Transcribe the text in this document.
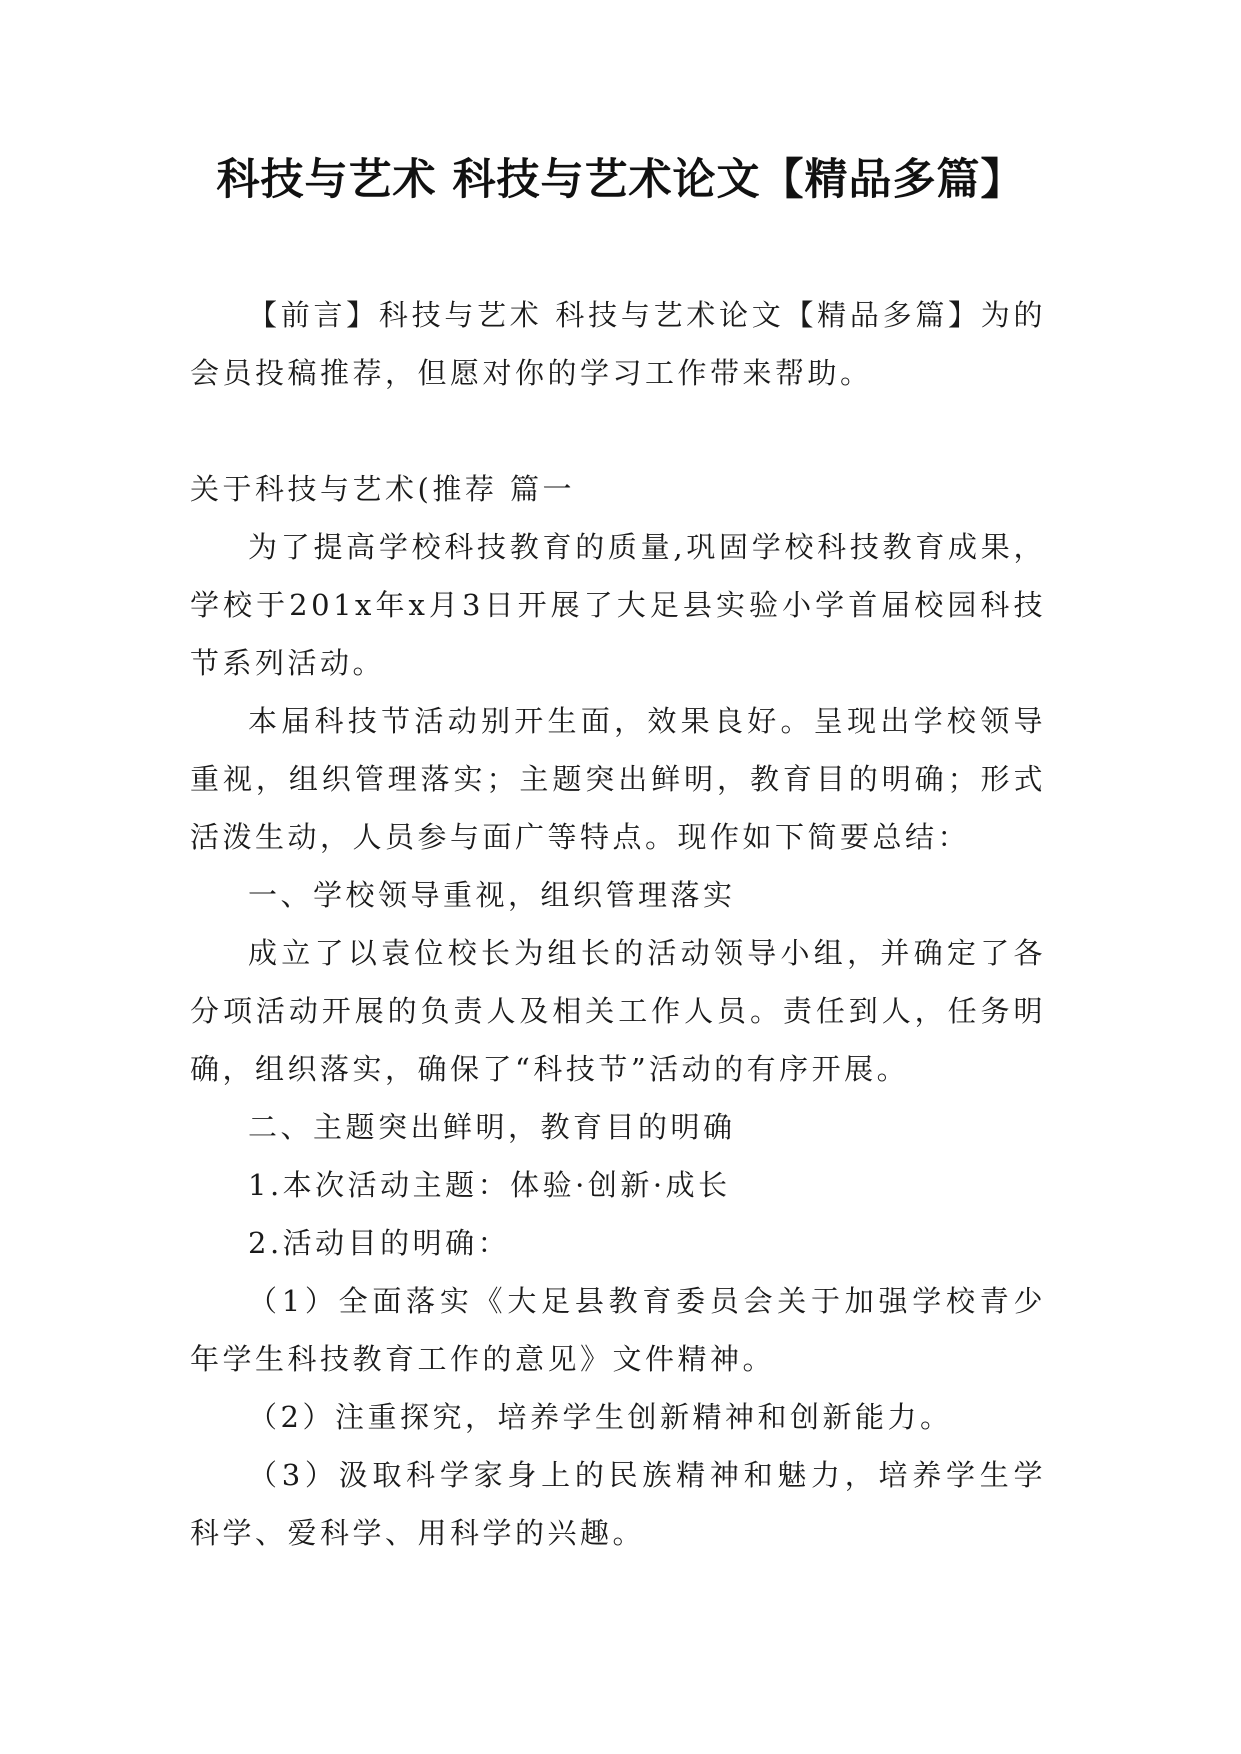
科技与艺术 科技与艺术论文【精品多篇】

【前言】科技与艺术 科技与艺术论文【精品多篇】为的会员投稿推荐，但愿对你的学习工作带来帮助。

关于科技与艺术(推荐 篇一

为了提高学校科技教育的质量,巩固学校科技教育成果，学校于201x年x月3日开展了大足县实验小学首届校园科技节系列活动。

本届科技节活动别开生面，效果良好。呈现出学校领导重视，组织管理落实；主题突出鲜明，教育目的明确；形式活泼生动，人员参与面广等特点。现作如下简要总结：

一、学校领导重视，组织管理落实

成立了以袁位校长为组长的活动领导小组，并确定了各分项活动开展的负责人及相关工作人员。责任到人，任务明确，组织落实，确保了“科技节”活动的有序开展。

二、主题突出鲜明，教育目的明确

1.本次活动主题：体验·创新·成长

2.活动目的明确：

（1）全面落实《大足县教育委员会关于加强学校青少年学生科技教育工作的意见》文件精神。

（2）注重探究，培养学生创新精神和创新能力。

（3）汲取科学家身上的民族精神和魅力，培养学生学科学、爱科学、用科学的兴趣。
